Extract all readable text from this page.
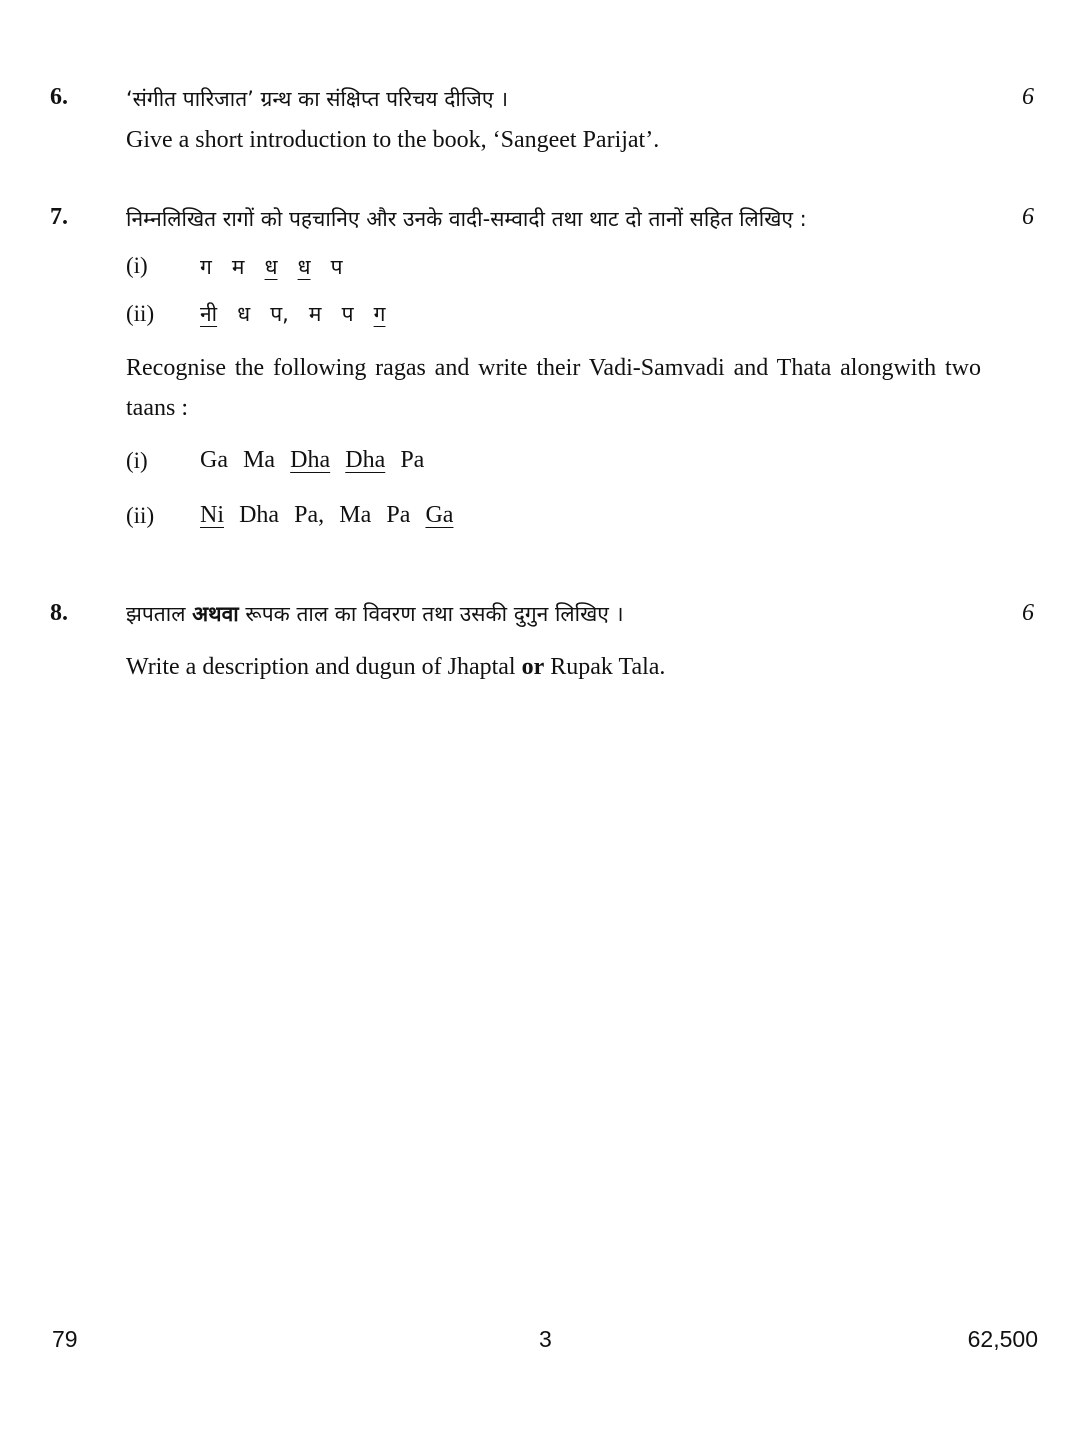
6.	‘संगीत पारिजात’ ग्रन्थ का संक्षिप्त परिचय दीजिए ।	6
Give a short introduction to the book, ‘Sangeet Parijat’.
7.	निम्नलिखित रागों को पहचानिए और उनके वादी-सम्वादी तथा थाट दो तानों सहित लिखिए :	6
(i) ग म ध ध प
(ii) नी ध प, म प ग
Recognise the following ragas and write their Vadi-Samvadi and Thata alongwith two taans :
(i) Ga Ma Dha Dha Pa
(ii) Ni Dha Pa, Ma Pa Ga
8.	झपताल अथवा रूपक ताल का विवरण तथा उसकी दुगुन लिखिए ।	6
Write a description and dugun of Jhaptal or Rupak Tala.
79	3	62,500
